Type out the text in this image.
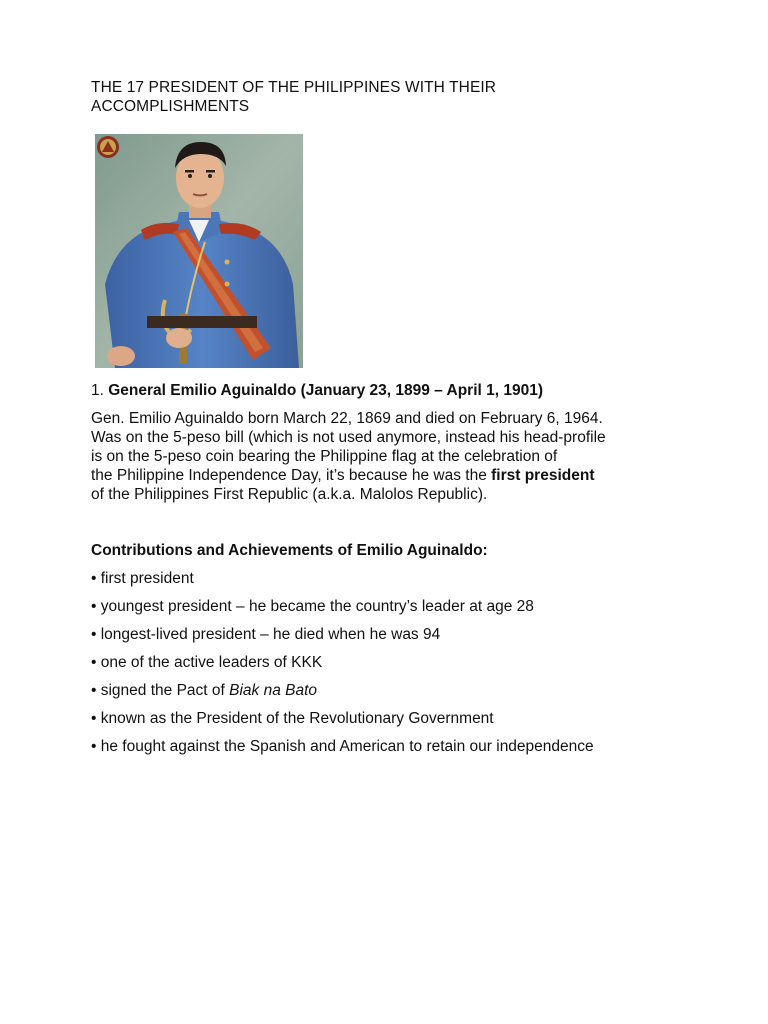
THE 17 PRESIDENT OF THE PHILIPPINES WITH THEIR
ACCOMPLISHMENTS

1. General Emilio Aguinaldo (January 23, 1899 – April 1, 1901)

Gen. Emilio Aguinaldo born March 22, 1869 and died on February 6, 1964.
Was on the 5-peso bill (which is not used anymore, instead his head-profile
is on the 5-peso coin bearing the Philippine flag at the celebration of
the Philippine Independence Day, it’s because he was the first president
of the Philippines First Republic (a.k.a. Malolos Republic).

Contributions and Achievements of Emilio Aguinaldo:

• first president
• youngest president – he became the country’s leader at age 28
• longest-lived president – he died when he was 94
• one of the active leaders of KKK
• signed the Pact of Biak na Bato
• known as the President of the Revolutionary Government
• he fought against the Spanish and American to retain our independence
